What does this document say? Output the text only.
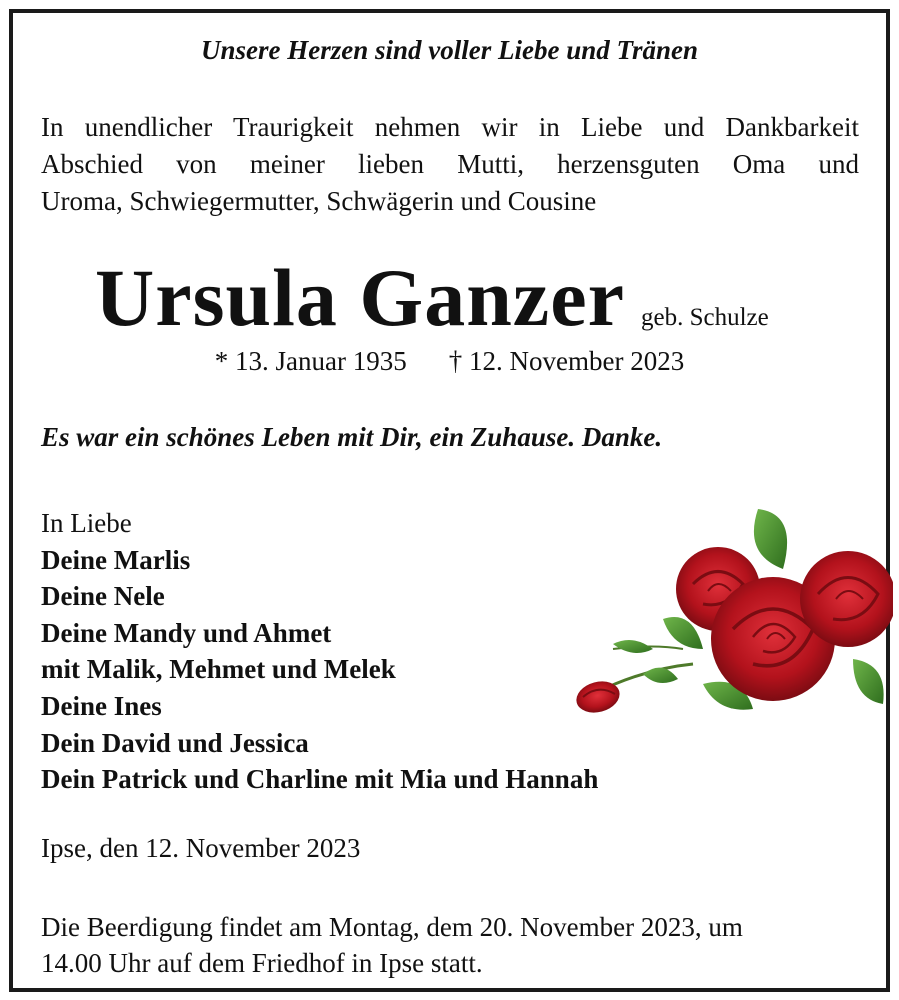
Unsere Herzen sind voller Liebe und Tränen
In unendlicher Traurigkeit nehmen wir in Liebe und Dankbarkeit
Abschied von meiner lieben Mutti, herzensguten Oma und
Uroma, Schwiegermutter, Schwägerin und Cousine
Ursula Ganzer geb. Schulze
* 13. Januar 1935 † 12. November 2023
Es war ein schönes Leben mit Dir, ein Zuhause. Danke.
In Liebe
Deine Marlis
Deine Nele
Deine Mandy und Ahmet
mit Malik, Mehmet und Melek
Deine Ines
Dein David und Jessica
Dein Patrick und Charline mit Mia und Hannah
Ipse, den 12. November 2023
Die Beerdigung findet am Montag, dem 20. November 2023, um
14.00 Uhr auf dem Friedhof in Ipse statt.
